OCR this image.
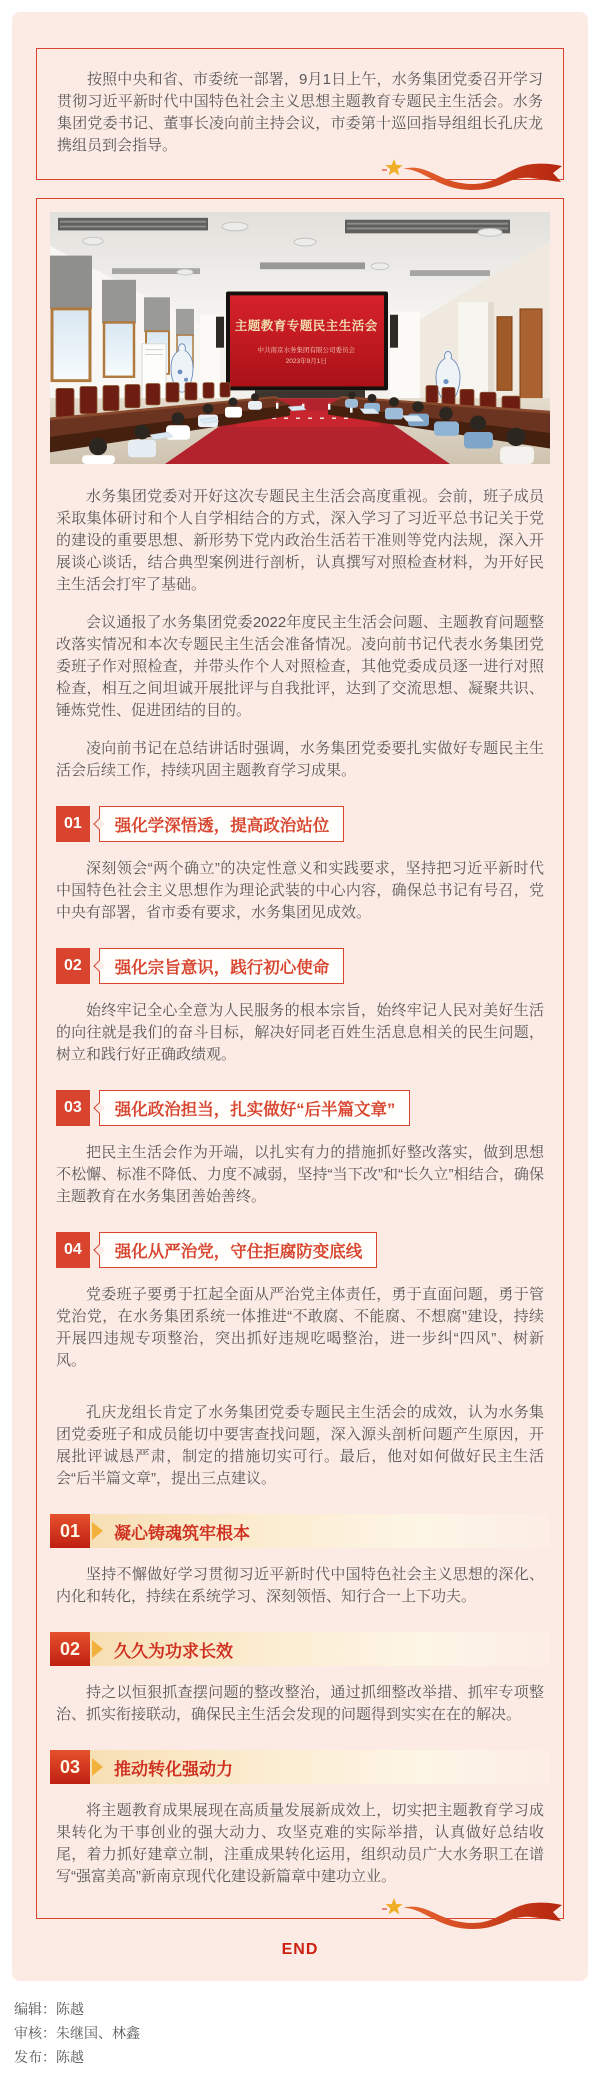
按照中央和省、市委统一部署，9月1日上午，水务集团党委召开学习贯彻习近平新时代中国特色社会主义思想主题教育专题民主生活会。水务集团党委书记、董事长凌向前主持会议，市委第十巡回指导组组长孔庆龙携组员到会指导。

主题教育专题民主生活会
中共南京水务集团有限公司委员会
2023年9月1日

水务集团党委对开好这次专题民主生活会高度重视。会前，班子成员采取集体研讨和个人自学相结合的方式，深入学习了习近平总书记关于党的建设的重要思想、新形势下党内政治生活若干准则等党内法规，深入开展谈心谈话，结合典型案例进行剖析，认真撰写对照检查材料，为开好民主生活会打牢了基础。

会议通报了水务集团党委2022年度民主生活会问题、主题教育问题整改落实情况和本次专题民主生活会准备情况。凌向前书记代表水务集团党委班子作对照检查，并带头作个人对照检查，其他党委成员逐一进行对照检查，相互之间坦诚开展批评与自我批评，达到了交流思想、凝聚共识、锤炼党性、促进团结的目的。

凌向前书记在总结讲话时强调，水务集团党委要扎实做好专题民主生活会后续工作，持续巩固主题教育学习成果。

01	强化学深悟透，提高政治站位

深刻领会“两个确立”的决定性意义和实践要求，坚持把习近平新时代中国特色社会主义思想作为理论武装的中心内容，确保总书记有号召，党中央有部署，省市委有要求，水务集团见成效。

02	强化宗旨意识，践行初心使命

始终牢记全心全意为人民服务的根本宗旨，始终牢记人民对美好生活的向往就是我们的奋斗目标，解决好同老百姓生活息息相关的民生问题，树立和践行好正确政绩观。

03	强化政治担当，扎实做好“后半篇文章”

把民主生活会作为开端，以扎实有力的措施抓好整改落实，做到思想不松懈、标准不降低、力度不减弱，坚持“当下改”和“长久立”相结合，确保主题教育在水务集团善始善终。

04	强化从严治党，守住拒腐防变底线

党委班子要勇于扛起全面从严治党主体责任，勇于直面问题，勇于管党治党，在水务集团系统一体推进“不敢腐、不能腐、不想腐”建设，持续开展四违规专项整治，突出抓好违规吃喝整治，进一步纠“四风”、树新风。

孔庆龙组长肯定了水务集团党委专题民主生活会的成效，认为水务集团党委班子和成员能切中要害查找问题，深入源头剖析问题产生原因，开展批评诚恳严肃，制定的措施切实可行。最后，他对如何做好民主生活会“后半篇文章”，提出三点建议。

01	凝心铸魂筑牢根本

坚持不懈做好学习贯彻习近平新时代中国特色社会主义思想的深化、内化和转化，持续在系统学习、深刻领悟、知行合一上下功夫。

02	久久为功求长效

持之以恒狠抓查摆问题的整改整治，通过抓细整改举措、抓牢专项整治、抓实衔接联动，确保民主生活会发现的问题得到实实在在的解决。

03	推动转化强动力

将主题教育成果展现在高质量发展新成效上，切实把主题教育学习成果转化为干事创业的强大动力、攻坚克难的实际举措，认真做好总结收尾，着力抓好建章立制，注重成果转化运用，组织动员广大水务职工在谱写“强富美高”新南京现代化建设新篇章中建功立业。

END
编辑：陈越
审核：朱继国、林鑫
发布：陈越
